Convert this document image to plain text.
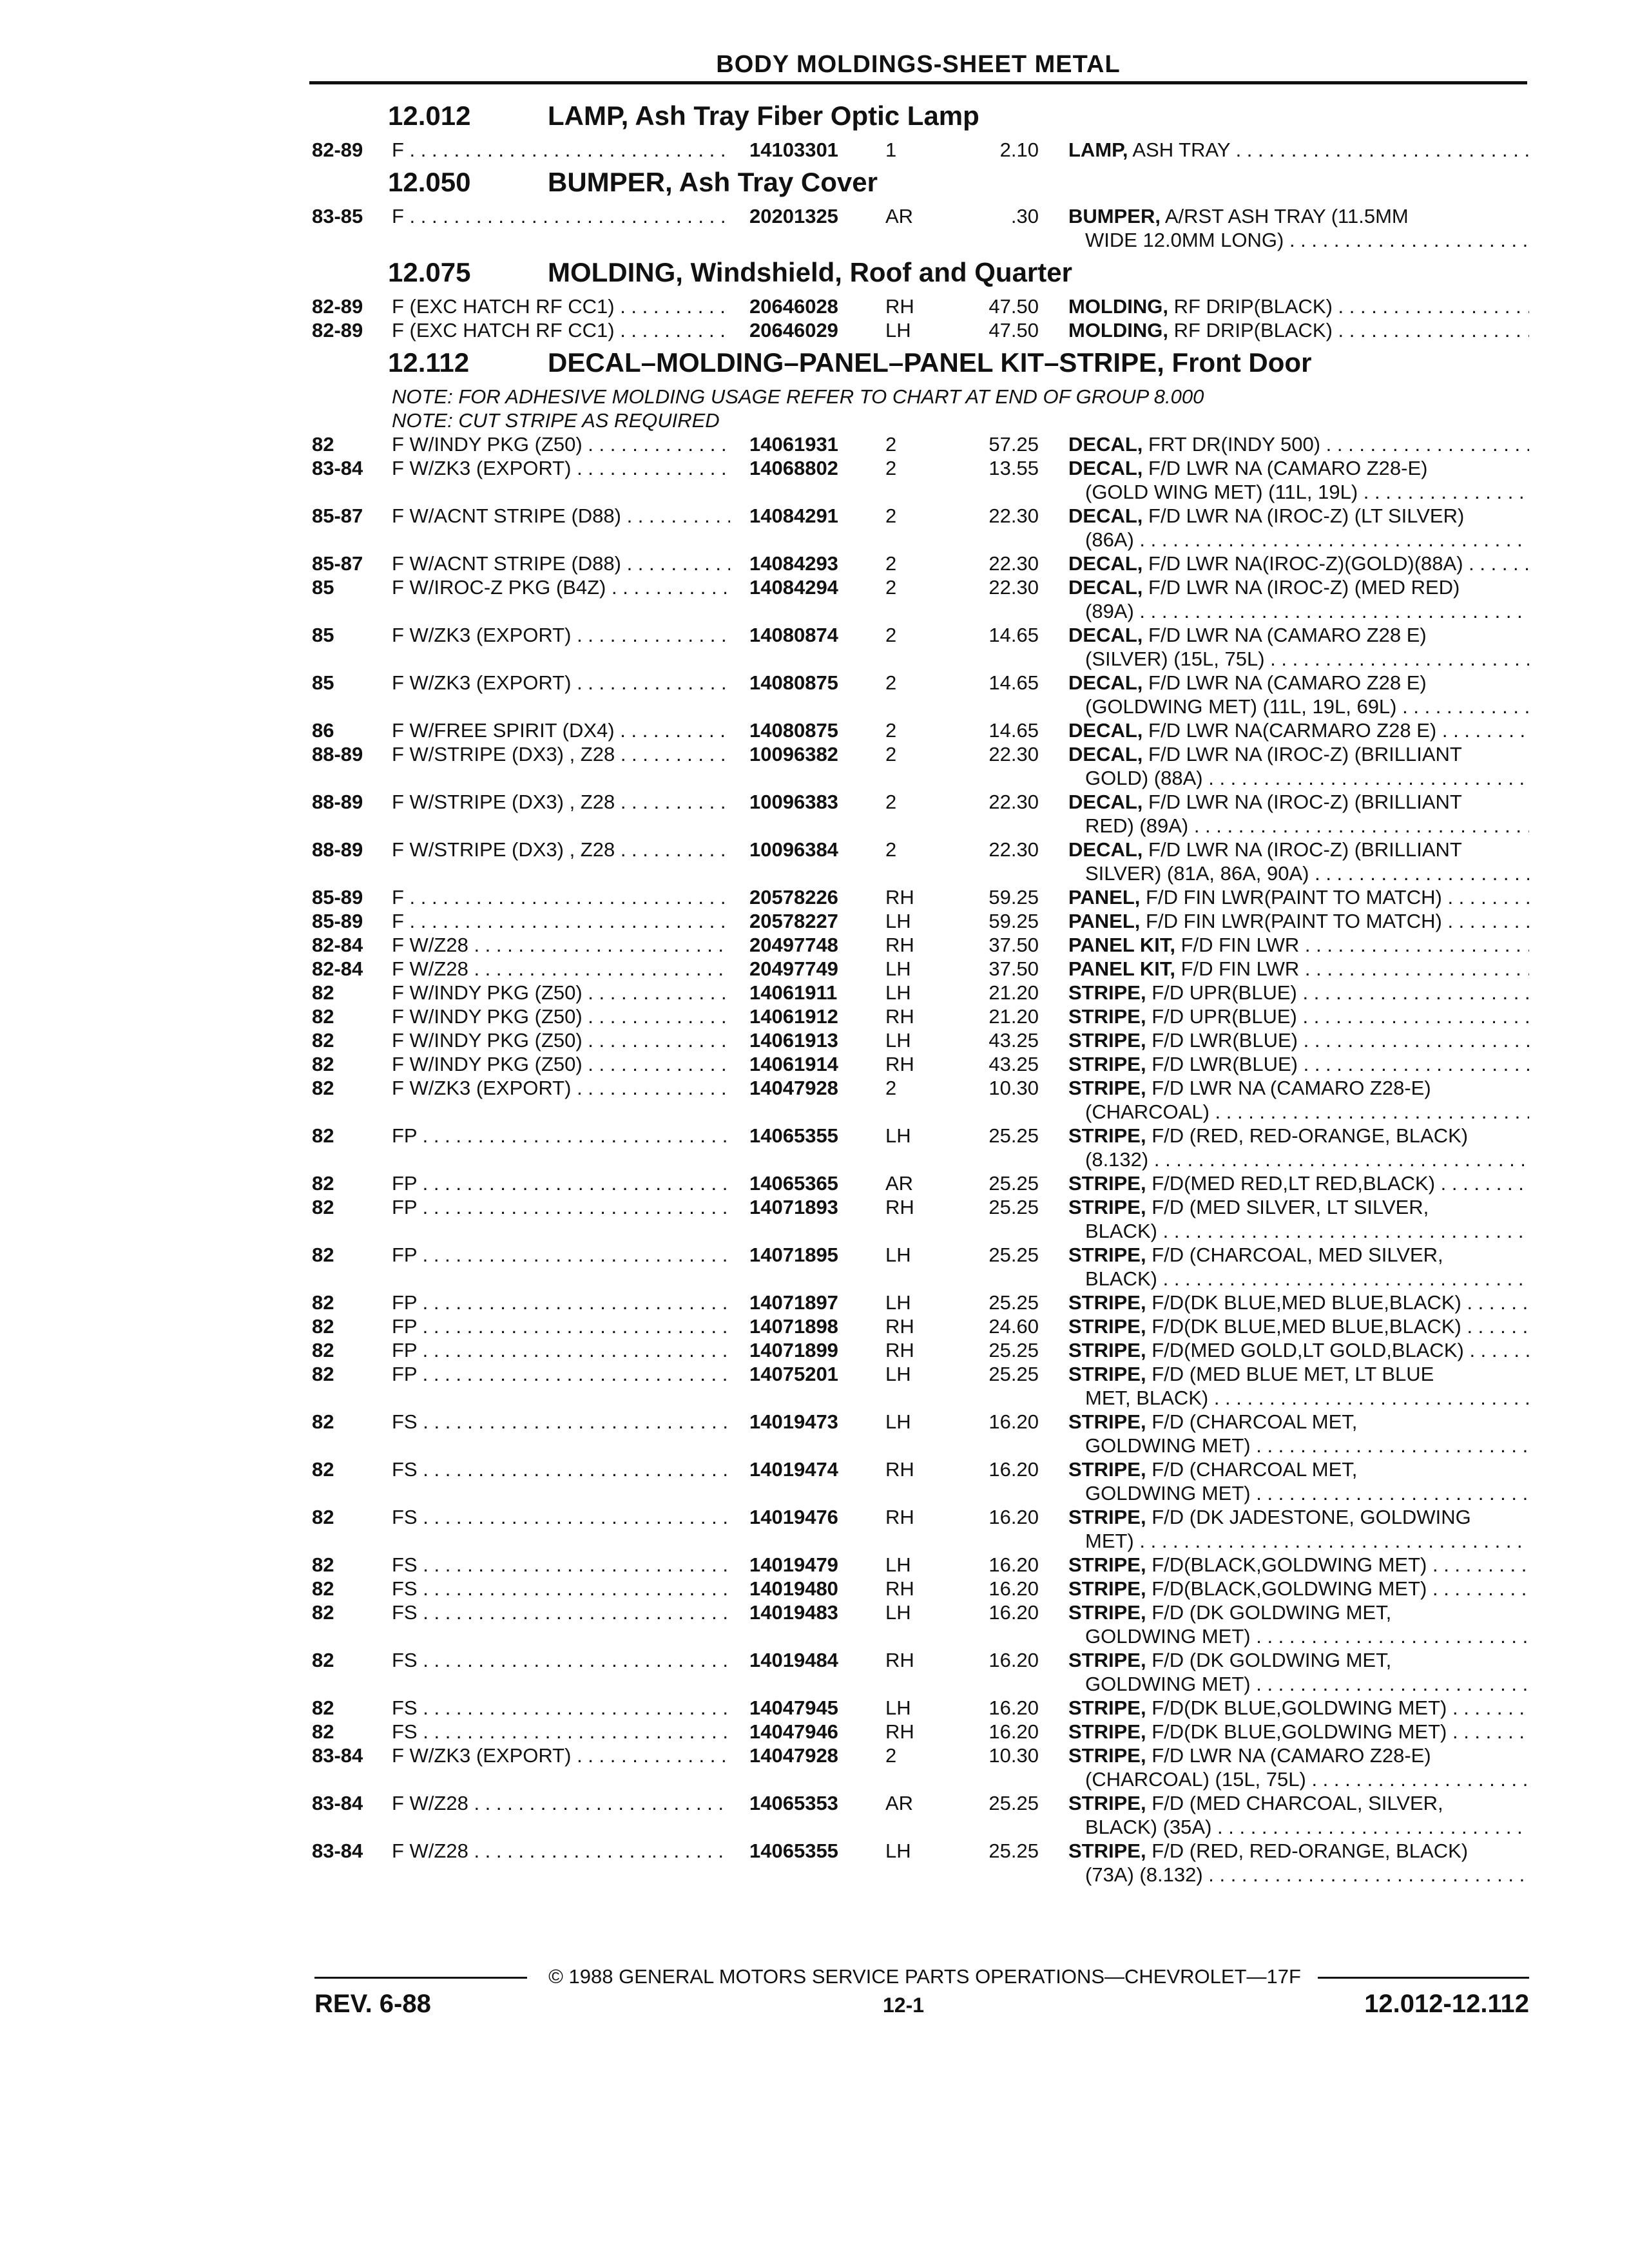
BODY MOLDINGS-SHEET METAL
12.012	LAMP, Ash Tray Fiber Optic Lamp
82-89 F . . .	14103301 1	2.10 LAMP, ASH TRAY . . .
12.050	BUMPER, Ash Tray Cover
83-85 F . . .	20201325 AR	.30 BUMPER, A/RST ASH TRAY (11.5MM
WIDE 12.0MM LONG) . . .
12.075	MOLDING, Windshield, Roof and Quarter
82-89 F (EXC HATCH RF CC1) . . .	20646028 RH	47.50 MOLDING, RF DRIP(BLACK) . . .
82-89 F (EXC HATCH RF CC1) . . .	20646029 LH	47.50 MOLDING, RF DRIP(BLACK) . . .
12.112	DECAL–MOLDING–PANEL–PANEL KIT–STRIPE, Front Door
NOTE: FOR ADHESIVE MOLDING USAGE REFER TO CHART AT END OF GROUP 8.000
NOTE: CUT STRIPE AS REQUIRED
82	F W/INDY PKG (Z50) . . .	14061931 2	57.25 DECAL, FRT DR(INDY 500) . . .
83-84 F W/ZK3 (EXPORT) . . .	14068802 2	13.55 DECAL, F/D LWR NA (CAMARO Z28-E)
(GOLD WING MET) (11L, 19L) . . .
85-87 F W/ACNT STRIPE (D88) . . .	14084291 2	22.30 DECAL, F/D LWR NA (IROC-Z) (LT SILVER)
(86A) . . .
85-87 F W/ACNT STRIPE (D88) . . .	14084293 2	22.30 DECAL, F/D LWR NA(IROC-Z)(GOLD)(88A) . . .
85	F W/IROC-Z PKG (B4Z) . . .	14084294 2	22.30 DECAL, F/D LWR NA (IROC-Z) (MED RED)
(89A) . . .
85	F W/ZK3 (EXPORT) . . .	14080874 2	14.65 DECAL, F/D LWR NA (CAMARO Z28 E)
(SILVER) (15L, 75L) . . .
85	F W/ZK3 (EXPORT) . . .	14080875 2	14.65 DECAL, F/D LWR NA (CAMARO Z28 E)
(GOLDWING MET) (11L, 19L, 69L) . . .
86	F W/FREE SPIRIT (DX4) . . .	14080875 2	14.65 DECAL, F/D LWR NA(CARMARO Z28 E) . . .
88-89 F W/STRIPE (DX3) , Z28 . . .	10096382 2	22.30 DECAL, F/D LWR NA (IROC-Z) (BRILLIANT
GOLD) (88A) . . .
88-89 F W/STRIPE (DX3) , Z28 . . .	10096383 2	22.30 DECAL, F/D LWR NA (IROC-Z) (BRILLIANT
RED) (89A) . . .
88-89 F W/STRIPE (DX3) , Z28 . . .	10096384 2	22.30 DECAL, F/D LWR NA (IROC-Z) (BRILLIANT
SILVER) (81A, 86A, 90A) . . .
85-89 F . . .	20578226 RH	59.25 PANEL, F/D FIN LWR(PAINT TO MATCH) . . .
85-89 F . . .	20578227 LH	59.25 PANEL, F/D FIN LWR(PAINT TO MATCH) . . .
82-84 F W/Z28 . . .	20497748 RH	37.50 PANEL KIT, F/D FIN LWR . . .
82-84 F W/Z28 . . .	20497749 LH	37.50 PANEL KIT, F/D FIN LWR . . .
82	F W/INDY PKG (Z50) . . .	14061911 LH	21.20 STRIPE, F/D UPR(BLUE) . . .
82	F W/INDY PKG (Z50) . . .	14061912 RH	21.20 STRIPE, F/D UPR(BLUE) . . .
82	F W/INDY PKG (Z50) . . .	14061913 LH	43.25 STRIPE, F/D LWR(BLUE) . . .
82	F W/INDY PKG (Z50) . . .	14061914 RH	43.25 STRIPE, F/D LWR(BLUE) . . .
82	F W/ZK3 (EXPORT) . . .	14047928 2	10.30 STRIPE, F/D LWR NA (CAMARO Z28-E)
(CHARCOAL) . . .
82	FP . . .	14065355 LH	25.25 STRIPE, F/D (RED, RED-ORANGE, BLACK)
(8.132) . . .
82	FP . . .	14065365 AR	25.25 STRIPE, F/D(MED RED,LT RED,BLACK) . . .
82	FP . . .	14071893 RH	25.25 STRIPE, F/D (MED SILVER, LT SILVER,
BLACK) . . .
82	FP . . .	14071895 LH	25.25 STRIPE, F/D (CHARCOAL, MED SILVER,
BLACK) . . .
82	FP . . .	14071897 LH	25.25 STRIPE, F/D(DK BLUE,MED BLUE,BLACK) . . .
82	FP . . .	14071898 RH	24.60 STRIPE, F/D(DK BLUE,MED BLUE,BLACK) . . .
82	FP . . .	14071899 RH	25.25 STRIPE, F/D(MED GOLD,LT GOLD,BLACK) . . .
82	FP . . .	14075201 LH	25.25 STRIPE, F/D (MED BLUE MET, LT BLUE
MET, BLACK) . . .
82	FS . . .	14019473 LH	16.20 STRIPE, F/D (CHARCOAL MET,
GOLDWING MET) . . .
82	FS . . .	14019474 RH	16.20 STRIPE, F/D (CHARCOAL MET,
GOLDWING MET) . . .
82	FS . . .	14019476 RH	16.20 STRIPE, F/D (DK JADESTONE, GOLDWING
MET) . . .
82	FS . . .	14019479 LH	16.20 STRIPE, F/D(BLACK,GOLDWING MET) . . .
82	FS . . .	14019480 RH	16.20 STRIPE, F/D(BLACK,GOLDWING MET) . . .
82	FS . . .	14019483 LH	16.20 STRIPE, F/D (DK GOLDWING MET,
GOLDWING MET) . . .
82	FS . . .	14019484 RH	16.20 STRIPE, F/D (DK GOLDWING MET,
GOLDWING MET) . . .
82	FS . . .	14047945 LH	16.20 STRIPE, F/D(DK BLUE,GOLDWING MET) . . .
82	FS . . .	14047946 RH	16.20 STRIPE, F/D(DK BLUE,GOLDWING MET) . . .
83-84 F W/ZK3 (EXPORT) . . .	14047928 2	10.30 STRIPE, F/D LWR NA (CAMARO Z28-E)
(CHARCOAL) (15L, 75L) . . .
83-84 F W/Z28 . . .	14065353 AR	25.25 STRIPE, F/D (MED CHARCOAL, SILVER,
BLACK) (35A) . . .
83-84 F W/Z28 . . .	14065355 LH	25.25 STRIPE, F/D (RED, RED-ORANGE, BLACK)
(73A) (8.132) . . .
© 1988 GENERAL MOTORS SERVICE PARTS OPERATIONS—CHEVROLET—17F
REV. 6-88	12-1	12.012-12.112
